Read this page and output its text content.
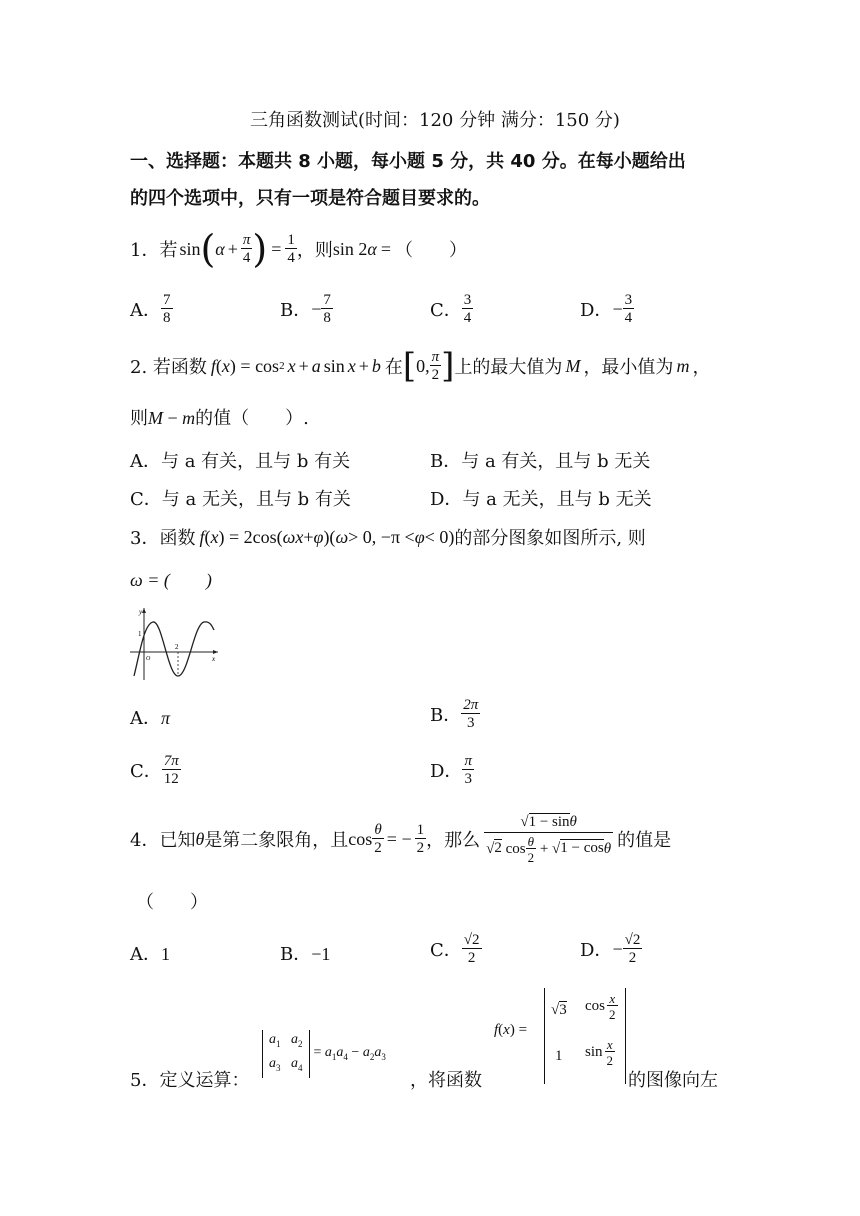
三角函数测试(时间：120 分钟 满分：150 分)
一、选择题：本题共 8 小题，每小题 5 分，共 40 分。在每小题给出
的四个选项中，只有一项是符合题目要求的。
1．若 sin ( $\alpha + \frac{\pi}{4}$ ) = $\frac{1}{4}$ ，则 sin 2 α = （　　）
A． $\frac{7}{8}$	B． − $\frac{7}{8}$	C． $\frac{3}{4}$	D． − $\frac{3}{4}$
2. 若函数 f ( x ) = cos 2 x + a sin x + b 在 [ 0, $\frac{\pi}{2}$ ] 上的最大值为 M ，最小值为 m ，
则M − m的值（　　）.
A．与 a 有关，且与 b 有关	B．与 a 有关，且与 b 无关
C．与 a 无关，且与 b 有关	D．与 a 无关，且与 b 无关
3．函数 f ( x ) = 2cos( ωx + φ )( ω > 0, −π < φ < 0) 的部分图象如图所示, 则
ω = (　　)
y
x
1
2
O
A．π	B． $\frac{2\pi}{3}$
C． $\frac{7\pi}{12}$	D． $\frac{\pi}{3}$
4．已知 θ 是第二象限角，且 $\cos \frac{\theta}{2}$ = − $\frac{1}{2}$ ，那么 $\frac{√1 - \sin\theta}{√2 \cos \frac{\theta}{2} + √1 - \cos\theta}$ 的值是
（　　）
A．1	B．−1	C． $\frac{√2}{2}$	D． − $\frac{√2}{2}$
5．定义运算：
$a_1$ $a_2$
$a_3$ $a_4$
= $a_1a_4 - a_2a_3$
，将函数
f(x) =
√3 $\cos \frac{x}{2}$
1 $\sin \frac{x}{2}$
的图像向左
